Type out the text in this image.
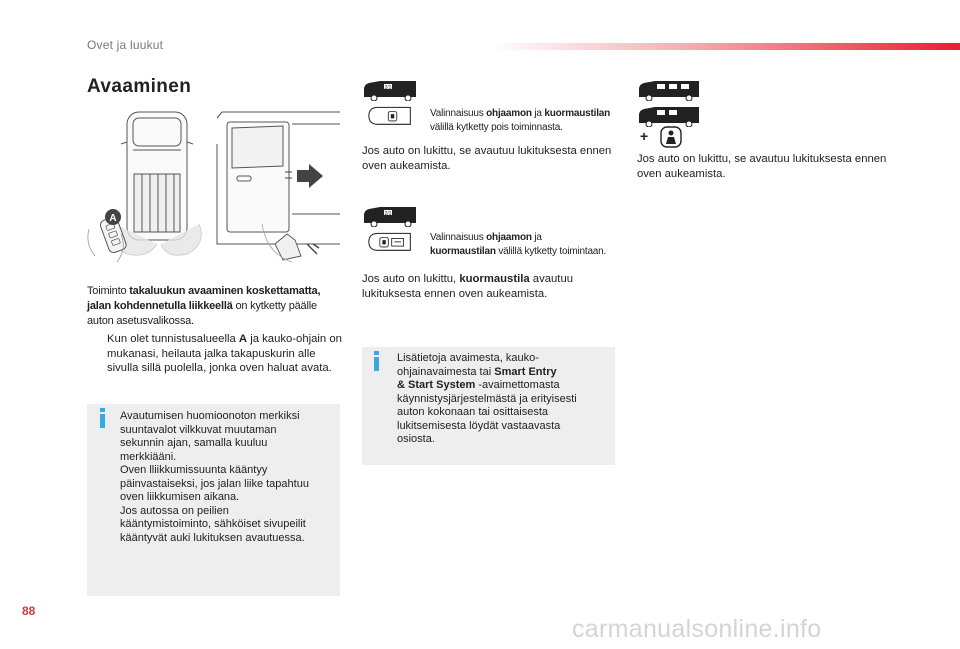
Ovet ja luukut
Avaaminen
A
Toiminto takaluukun avaaminen koskettamatta, jalan kohdennetulla liikkeellä on kytketty päälle auton asetusvalikossa.
Kun olet tunnistusalueella A ja kauko-ohjain on mukanasi, heilauta jalka takapuskurin alle sivulla sillä puolella, jonka oven haluat avata.
Avautumisen huomioonoton merkiksi
suuntavalot vilkkuvat muutaman
sekunnin ajan, samalla kuuluu
merkkiääni.
Oven lliikkumissuunta kääntyy
päinvastaiseksi, jos jalan liike tapahtuu
oven liikkumisen aikana.
Jos autossa on peilien
kääntymistoiminto, sähköiset sivupeilit
kääntyvät auki lukituksen avautuessa.
2/1
Valinnaisuus ohjaamon ja kuormaustilan
välillä kytketty pois toiminnasta.
Jos auto on lukittu, se avautuu lukituksesta ennen oven aukeamista.
2/1
Valinnaisuus ohjaamon ja
kuormaustilan välillä kytketty toimintaan.
Jos auto on lukittu, kuormaustila avautuu lukituksesta ennen oven aukeamista.
Lisätietoja avaimesta, kauko-
ohjainavaimesta tai Smart Entry
& Start System -avaimettomasta
käynnistysjärjestelmästä ja erityisesti
auton kokonaan tai osittaisesta
lukitsemisesta löydät vastaavasta
osiosta.
+
Jos auto on lukittu, se avautuu lukituksesta ennen oven aukeamista.
88
carmanualsonline.info
